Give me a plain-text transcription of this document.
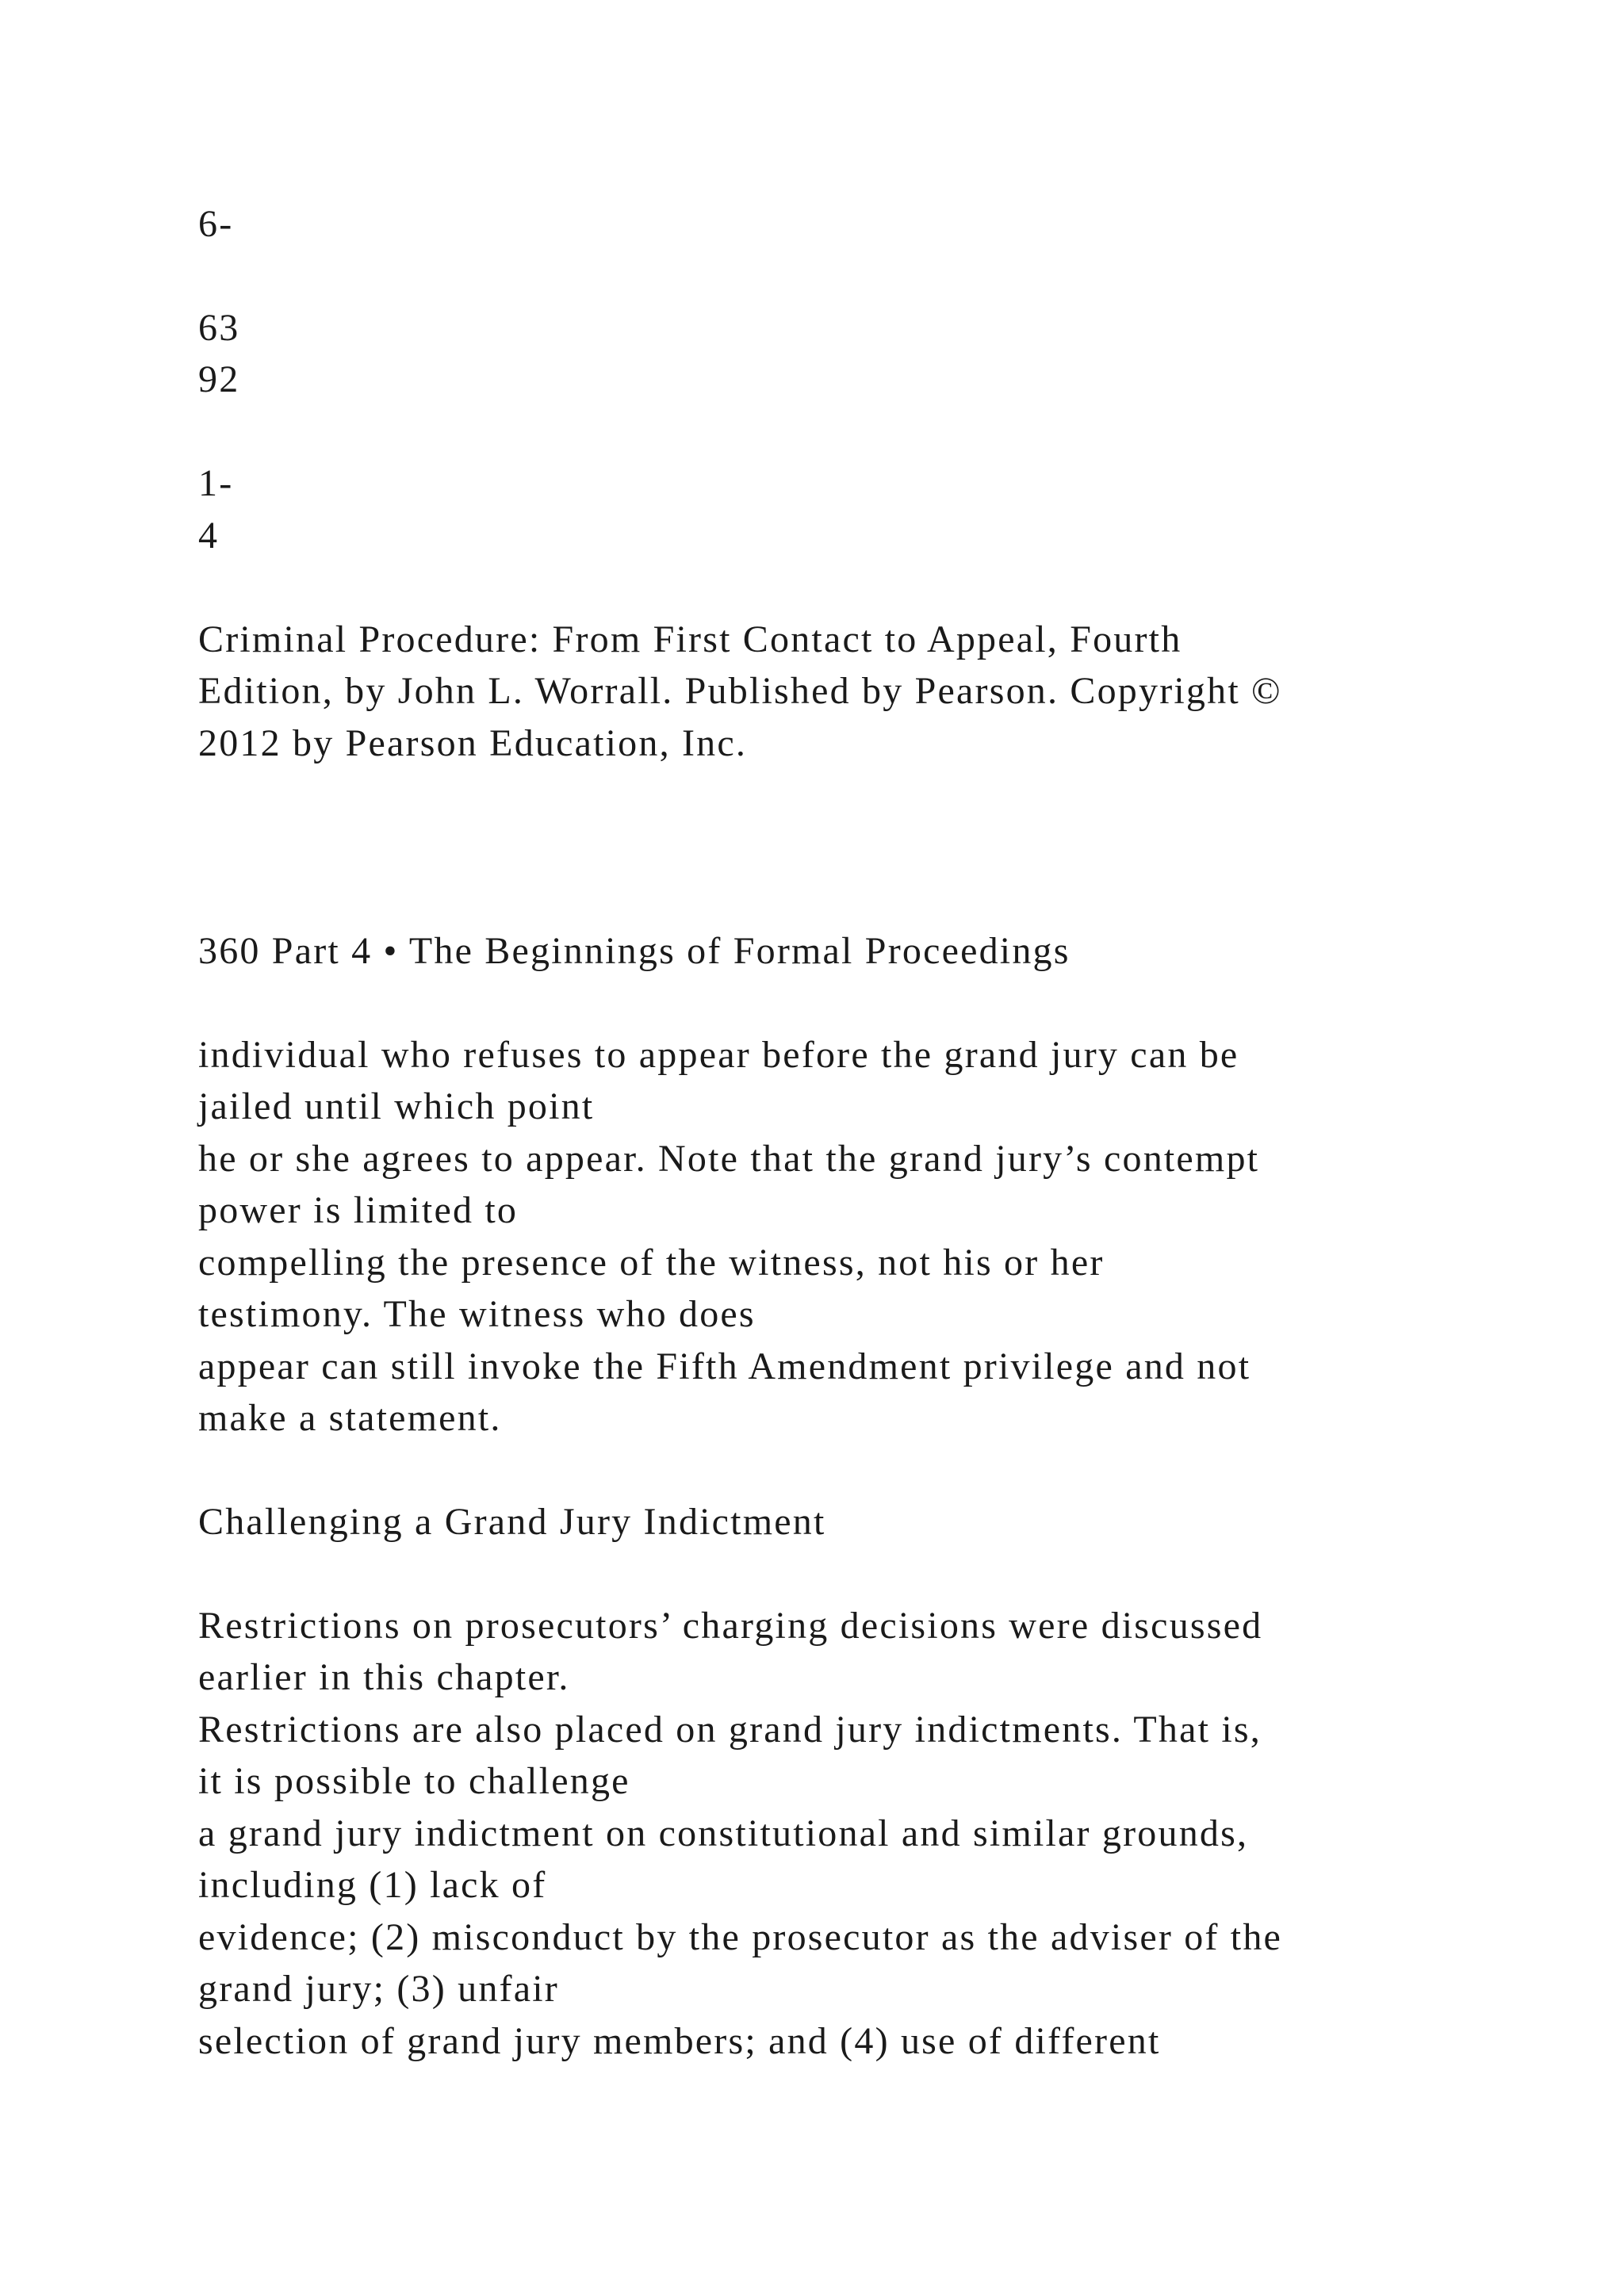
6-
63
92
1-
4
Criminal Procedure: From First Contact to Appeal, Fourth
Edition, by John L. Worrall. Published by Pearson. Copyright ©
2012 by Pearson Education, Inc.
360 Part 4 • The Beginnings of Formal Proceedings
individual who refuses to appear before the grand jury can be
jailed until which point
he or she agrees to appear. Note that the grand jury’s contempt
power is limited to
compelling the presence of the witness, not his or her
testimony. The witness who does
appear can still invoke the Fifth Amendment privilege and not
make a statement.
Challenging a Grand Jury Indictment
Restrictions on prosecutors’ charging decisions were discussed
earlier in this chapter.
Restrictions are also placed on grand jury indictments. That is,
it is possible to challenge
a grand jury indictment on constitutional and similar grounds,
including (1) lack of
evidence; (2) misconduct by the prosecutor as the adviser of the
grand jury; (3) unfair
selection of grand jury members; and (4) use of different
